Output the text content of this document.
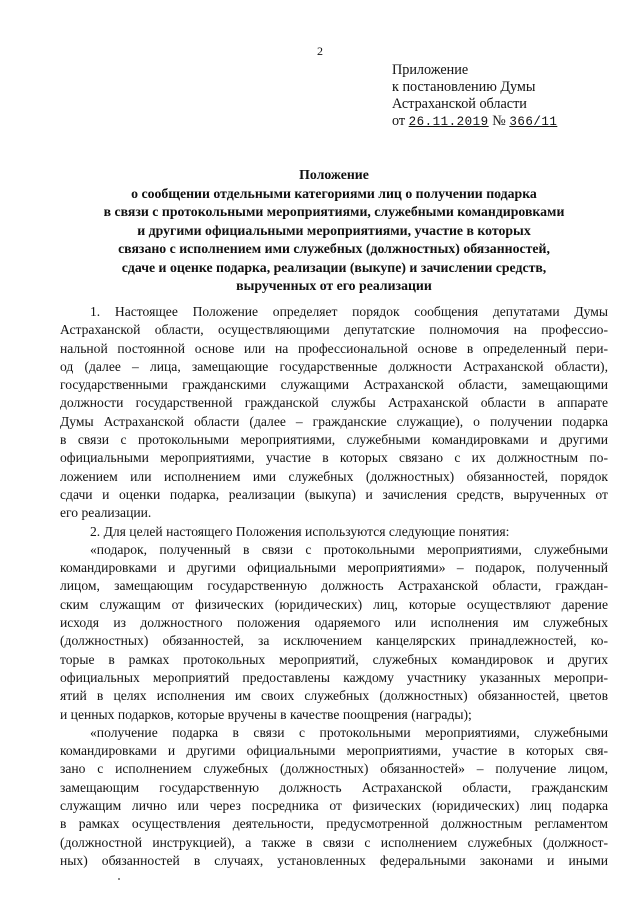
2
Приложение
к постановлению Думы
Астраханской области
от 26.11.2019 № 366/11
Положение
о сообщении отдельными категориями лиц о получении подарка
в связи с протокольными мероприятиями, служебными командировками
и другими официальными мероприятиями, участие в которых
связано с исполнением ими служебных (должностных) обязанностей,
сдаче и оценке подарка, реализации (выкупе) и зачислении средств,
вырученных от его реализации
1. Настоящее Положение определяет порядок сообщения депутатами Думы
Астраханской области, осуществляющими депутатские полномочия на профессио-
нальной постоянной основе или на профессиональной основе в определенный пери-
од (далее – лица, замещающие государственные должности Астраханской области),
государственными гражданскими служащими Астраханской области, замещающими
должности государственной гражданской службы Астраханской области в аппарате
Думы Астраханской области (далее – гражданские служащие), о получении подарка
в связи с протокольными мероприятиями, служебными командировками и другими
официальными мероприятиями, участие в которых связано с их должностным по-
ложением или исполнением ими служебных (должностных) обязанностей, порядок
сдачи и оценки подарка, реализации (выкупа) и зачисления средств, вырученных от
его реализации.
2. Для целей настоящего Положения используются следующие понятия:
«подарок, полученный в связи с протокольными мероприятиями, служебными
командировками и другими официальными мероприятиями» – подарок, полученный
лицом, замещающим государственную должность Астраханской области, граждан-
ским служащим от физических (юридических) лиц, которые осуществляют дарение
исходя из должностного положения одаряемого или исполнения им служебных
(должностных) обязанностей, за исключением канцелярских принадлежностей, ко-
торые в рамках протокольных мероприятий, служебных командировок и других
официальных мероприятий предоставлены каждому участнику указанных меропри-
ятий в целях исполнения им своих служебных (должностных) обязанностей, цветов
и ценных подарков, которые вручены в качестве поощрения (награды);
«получение подарка в связи с протокольными мероприятиями, служебными
командировками и другими официальными мероприятиями, участие в которых свя-
зано с исполнением служебных (должностных) обязанностей» – получение лицом,
замещающим государственную должность Астраханской области, гражданским
служащим лично или через посредника от физических (юридических) лиц подарка
в рамках осуществления деятельности, предусмотренной должностным регламентом
(должностной инструкцией), а также в связи с исполнением служебных (должност-
ных) обязанностей в случаях, установленных федеральными законами и иными
